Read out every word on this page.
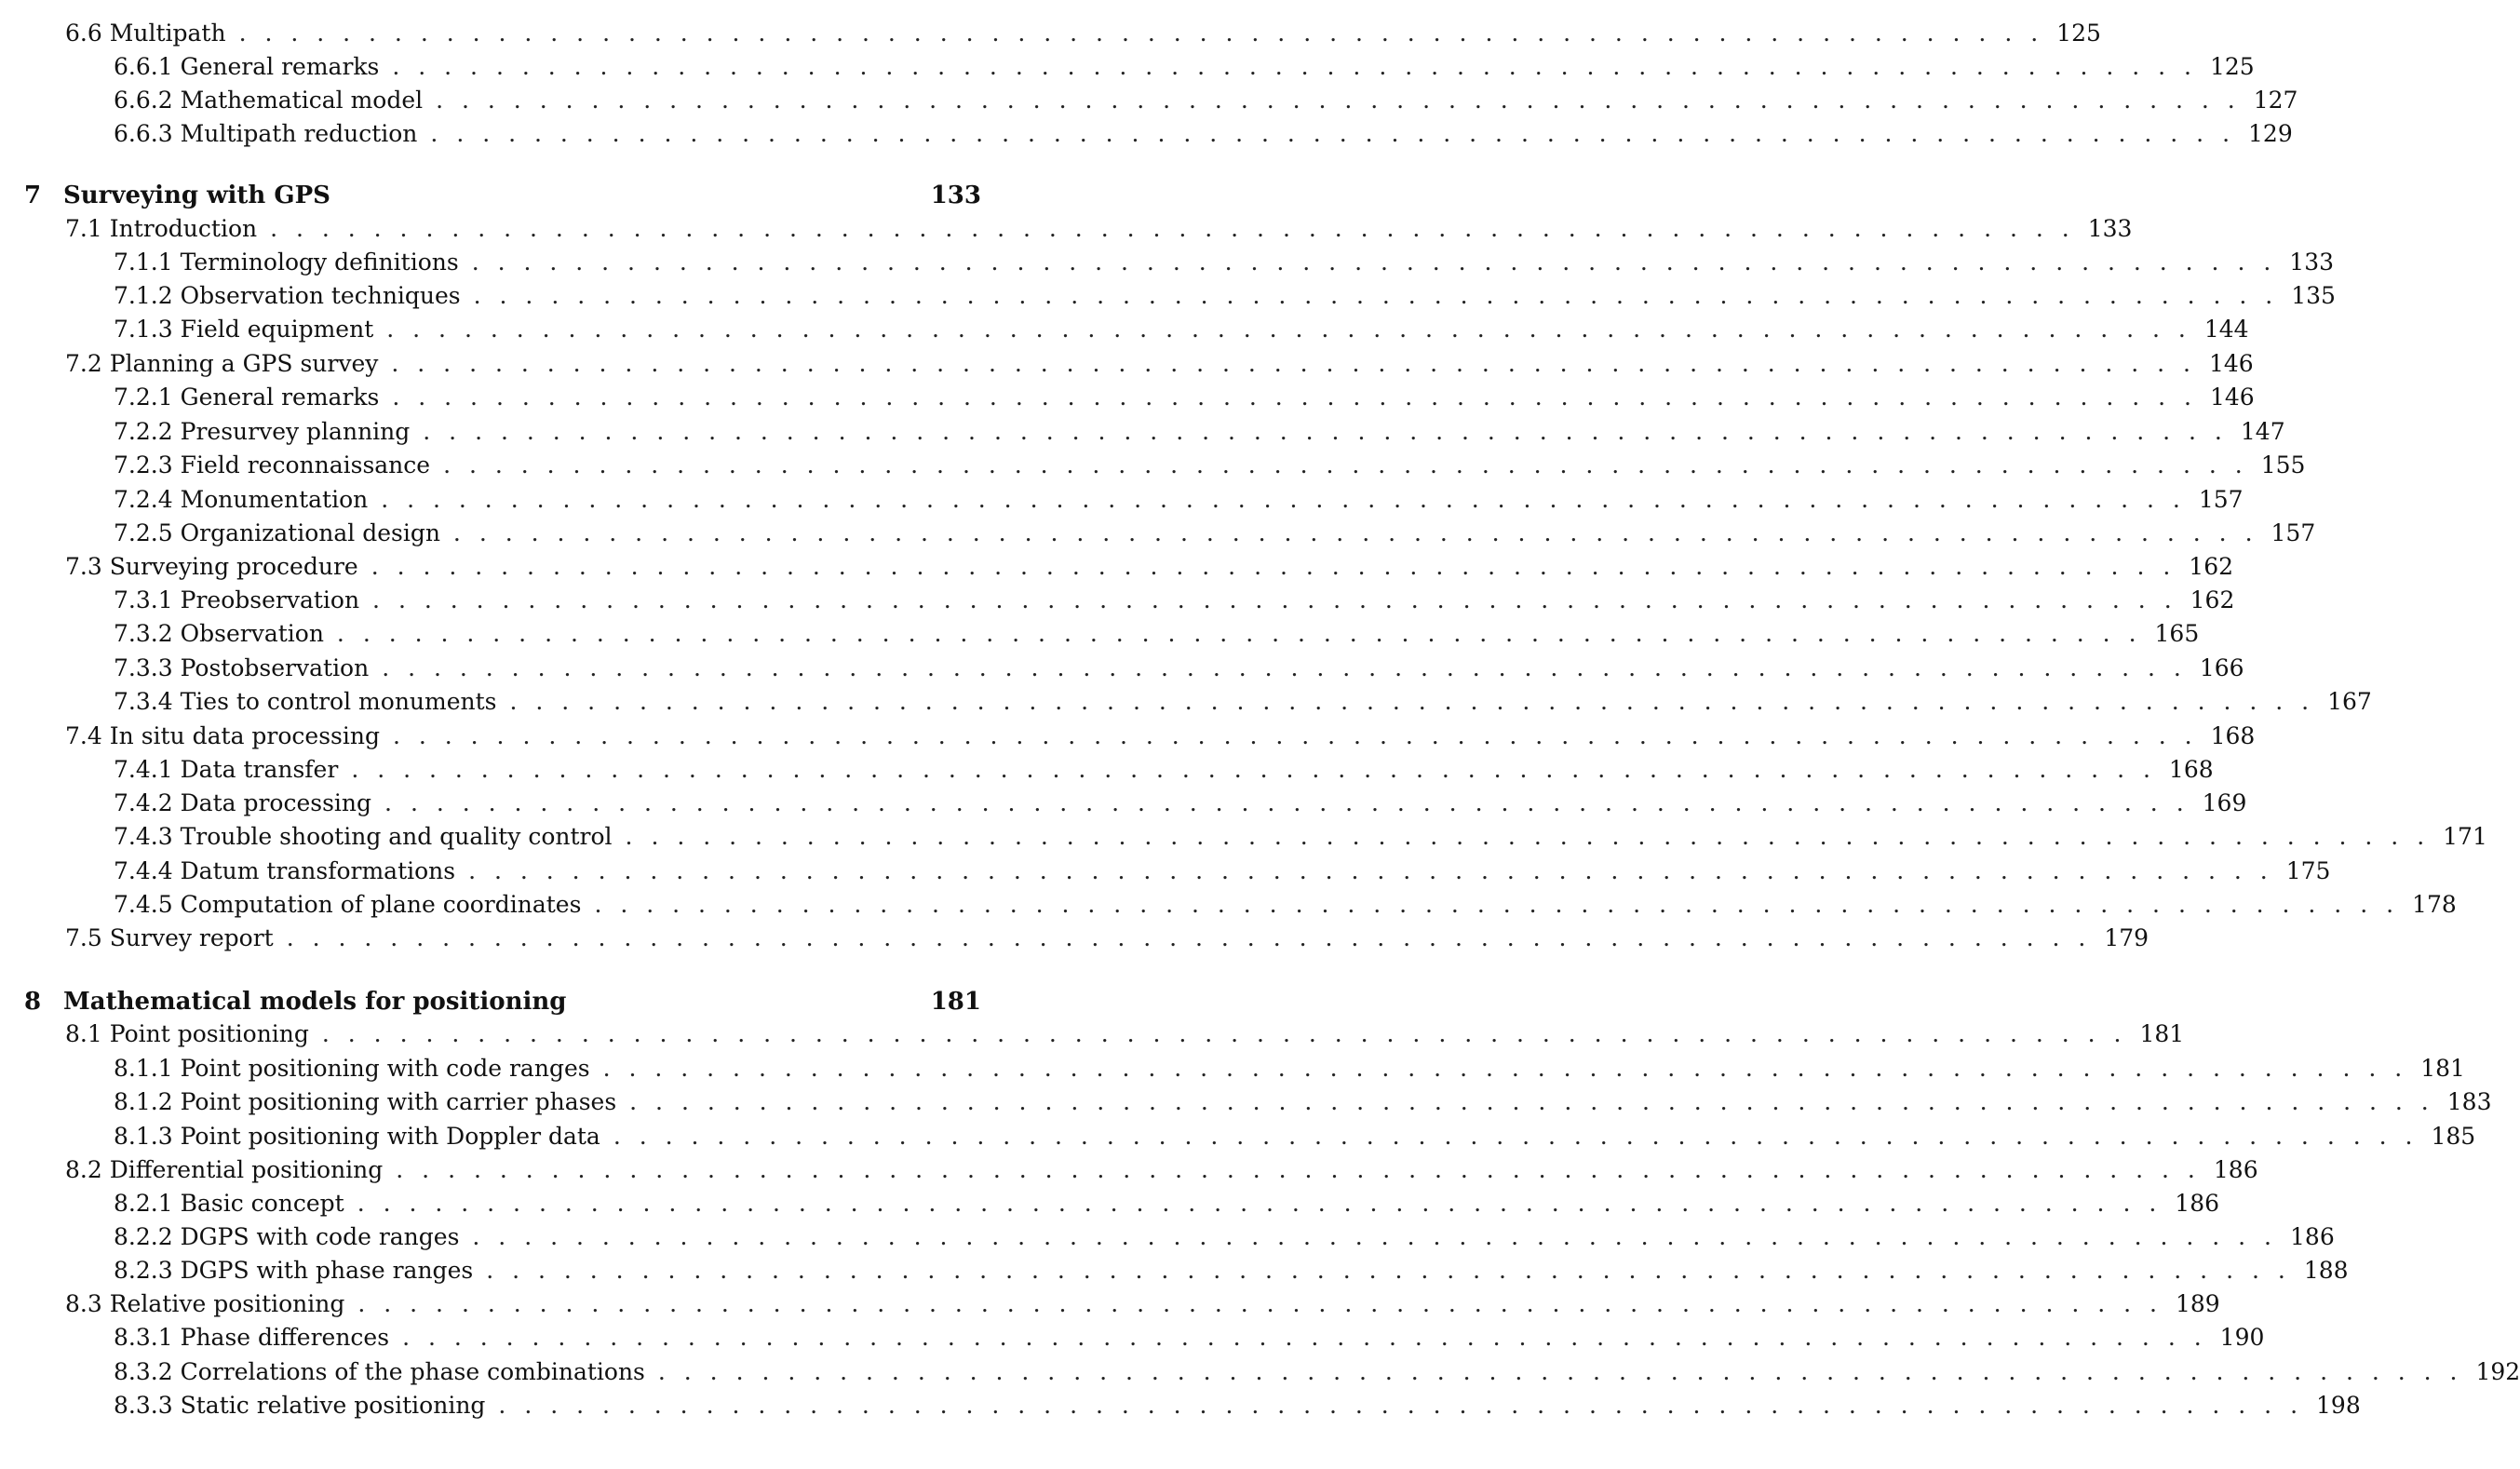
6.6 Multipath . . . . . . . . . . . . . . . . . . . . . . . . . . . . . . . . . . . . . . . . . . . . . . . . . . . . . . . . . . . . . . . . . . . . . . 125
6.6.1 General remarks . . . . . . . . . . . . . . . . . . . . . . . . . . . . . . . . . . . . . . . . . . . . . . . . . . . . . . . . . . . . . . . . . . . . . . 125
6.6.2 Mathematical model . . . . . . . . . . . . . . . . . . . . . . . . . . . . . . . . . . . . . . . . . . . . . . . . . . . . . . . . . . . . . . . . . . . . . . 127
6.6.3 Multipath reduction . . . . . . . . . . . . . . . . . . . . . . . . . . . . . . . . . . . . . . . . . . . . . . . . . . . . . . . . . . . . . . . . . . . . . . 129
7 Surveying with GPS	133
7.1 Introduction . . . . . . . . . . . . . . . . . . . . . . . . . . . . . . . . . . . . . . . . . . . . . . . . . . . . . . . . . . . . . . . . . . . . . . 133
7.1.1 Terminology definitions . . . . . . . . . . . . . . . . . . . . . . . . . . . . . . . . . . . . . . . . . . . . . . . . . . . . . . . . . . . . . . . . . . . . . . 133
7.1.2 Observation techniques . . . . . . . . . . . . . . . . . . . . . . . . . . . . . . . . . . . . . . . . . . . . . . . . . . . . . . . . . . . . . . . . . . . . . . 135
7.1.3 Field equipment . . . . . . . . . . . . . . . . . . . . . . . . . . . . . . . . . . . . . . . . . . . . . . . . . . . . . . . . . . . . . . . . . . . . . . 144
7.2 Planning a GPS survey . . . . . . . . . . . . . . . . . . . . . . . . . . . . . . . . . . . . . . . . . . . . . . . . . . . . . . . . . . . . . . . . . . . . . . 146
7.2.1 General remarks . . . . . . . . . . . . . . . . . . . . . . . . . . . . . . . . . . . . . . . . . . . . . . . . . . . . . . . . . . . . . . . . . . . . . . 146
7.2.2 Presurvey planning . . . . . . . . . . . . . . . . . . . . . . . . . . . . . . . . . . . . . . . . . . . . . . . . . . . . . . . . . . . . . . . . . . . . . . 147
7.2.3 Field reconnaissance . . . . . . . . . . . . . . . . . . . . . . . . . . . . . . . . . . . . . . . . . . . . . . . . . . . . . . . . . . . . . . . . . . . . . . 155
7.2.4 Monumentation . . . . . . . . . . . . . . . . . . . . . . . . . . . . . . . . . . . . . . . . . . . . . . . . . . . . . . . . . . . . . . . . . . . . . . 157
7.2.5 Organizational design . . . . . . . . . . . . . . . . . . . . . . . . . . . . . . . . . . . . . . . . . . . . . . . . . . . . . . . . . . . . . . . . . . . . . . 157
7.3 Surveying procedure . . . . . . . . . . . . . . . . . . . . . . . . . . . . . . . . . . . . . . . . . . . . . . . . . . . . . . . . . . . . . . . . . . . . . . 162
7.3.1 Preobservation . . . . . . . . . . . . . . . . . . . . . . . . . . . . . . . . . . . . . . . . . . . . . . . . . . . . . . . . . . . . . . . . . . . . . . 162
7.3.2 Observation . . . . . . . . . . . . . . . . . . . . . . . . . . . . . . . . . . . . . . . . . . . . . . . . . . . . . . . . . . . . . . . . . . . . . . 165
7.3.3 Postobservation . . . . . . . . . . . . . . . . . . . . . . . . . . . . . . . . . . . . . . . . . . . . . . . . . . . . . . . . . . . . . . . . . . . . . . 166
7.3.4 Ties to control monuments . . . . . . . . . . . . . . . . . . . . . . . . . . . . . . . . . . . . . . . . . . . . . . . . . . . . . . . . . . . . . . . . . . . . . . 167
7.4 In situ data processing . . . . . . . . . . . . . . . . . . . . . . . . . . . . . . . . . . . . . . . . . . . . . . . . . . . . . . . . . . . . . . . . . . . . . . 168
7.4.1 Data transfer . . . . . . . . . . . . . . . . . . . . . . . . . . . . . . . . . . . . . . . . . . . . . . . . . . . . . . . . . . . . . . . . . . . . . . 168
7.4.2 Data processing . . . . . . . . . . . . . . . . . . . . . . . . . . . . . . . . . . . . . . . . . . . . . . . . . . . . . . . . . . . . . . . . . . . . . . 169
7.4.3 Trouble shooting and quality control . . . . . . . . . . . . . . . . . . . . . . . . . . . . . . . . . . . . . . . . . . . . . . . . . . . . . . . . . . . . . . . . . . . . . . 171
7.4.4 Datum transformations . . . . . . . . . . . . . . . . . . . . . . . . . . . . . . . . . . . . . . . . . . . . . . . . . . . . . . . . . . . . . . . . . . . . . . 175
7.4.5 Computation of plane coordinates . . . . . . . . . . . . . . . . . . . . . . . . . . . . . . . . . . . . . . . . . . . . . . . . . . . . . . . . . . . . . . . . . . . . . . 178
7.5 Survey report . . . . . . . . . . . . . . . . . . . . . . . . . . . . . . . . . . . . . . . . . . . . . . . . . . . . . . . . . . . . . . . . . . . . . . 179
8 Mathematical models for positioning	181
8.1 Point positioning . . . . . . . . . . . . . . . . . . . . . . . . . . . . . . . . . . . . . . . . . . . . . . . . . . . . . . . . . . . . . . . . . . . . . . 181
8.1.1 Point positioning with code ranges . . . . . . . . . . . . . . . . . . . . . . . . . . . . . . . . . . . . . . . . . . . . . . . . . . . . . . . . . . . . . . . . . . . . . . 181
8.1.2 Point positioning with carrier phases . . . . . . . . . . . . . . . . . . . . . . . . . . . . . . . . . . . . . . . . . . . . . . . . . . . . . . . . . . . . . . . . . . . . . . 183
8.1.3 Point positioning with Doppler data . . . . . . . . . . . . . . . . . . . . . . . . . . . . . . . . . . . . . . . . . . . . . . . . . . . . . . . . . . . . . . . . . . . . . . 185
8.2 Differential positioning . . . . . . . . . . . . . . . . . . . . . . . . . . . . . . . . . . . . . . . . . . . . . . . . . . . . . . . . . . . . . . . . . . . . . . 186
8.2.1 Basic concept . . . . . . . . . . . . . . . . . . . . . . . . . . . . . . . . . . . . . . . . . . . . . . . . . . . . . . . . . . . . . . . . . . . . . . 186
8.2.2 DGPS with code ranges . . . . . . . . . . . . . . . . . . . . . . . . . . . . . . . . . . . . . . . . . . . . . . . . . . . . . . . . . . . . . . . . . . . . . . 186
8.2.3 DGPS with phase ranges . . . . . . . . . . . . . . . . . . . . . . . . . . . . . . . . . . . . . . . . . . . . . . . . . . . . . . . . . . . . . . . . . . . . . . 188
8.3 Relative positioning . . . . . . . . . . . . . . . . . . . . . . . . . . . . . . . . . . . . . . . . . . . . . . . . . . . . . . . . . . . . . . . . . . . . . . 189
8.3.1 Phase differences . . . . . . . . . . . . . . . . . . . . . . . . . . . . . . . . . . . . . . . . . . . . . . . . . . . . . . . . . . . . . . . . . . . . . . 190
8.3.2 Correlations of the phase combinations . . . . . . . . . . . . . . . . . . . . . . . . . . . . . . . . . . . . . . . . . . . . . . . . . . . . . . . . . . . . . . . . . . . . . . 192
8.3.3 Static relative positioning . . . . . . . . . . . . . . . . . . . . . . . . . . . . . . . . . . . . . . . . . . . . . . . . . . . . . . . . . . . . . . . . . . . . . . 198
